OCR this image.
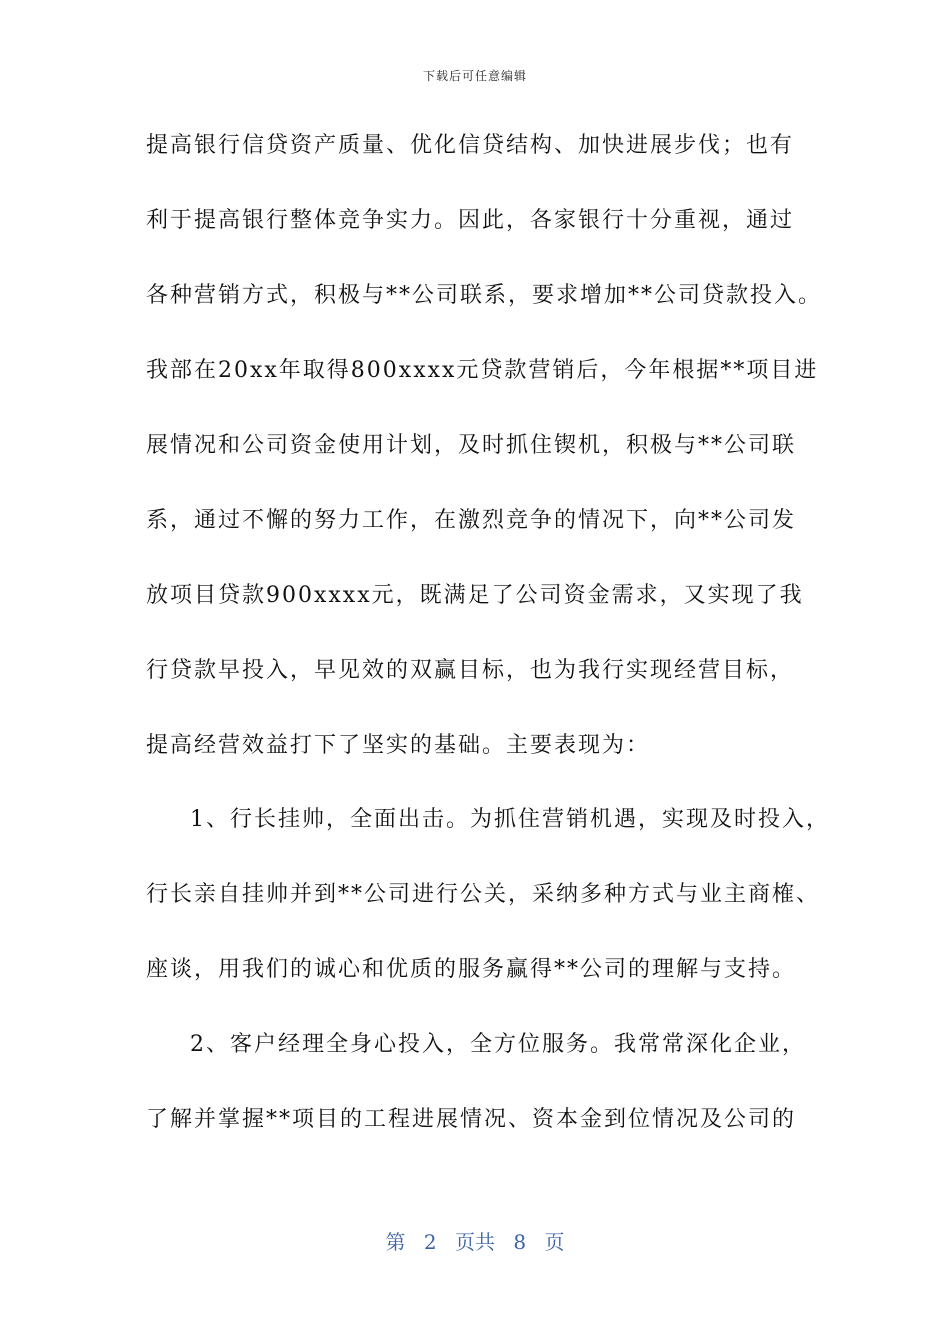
下载后可任意编辑
提高银行信贷资产质量、优化信贷结构、加快进展步伐；也有
利于提高银行整体竞争实力。因此，各家银行十分重视，通过
各种营销方式，积极与**公司联系，要求增加**公司贷款投入。
我部在20xx年取得800xxxx元贷款营销后，今年根据**项目进
展情况和公司资金使用计划，及时抓住锲机，积极与**公司联
系，通过不懈的努力工作，在激烈竞争的情况下，向**公司发
放项目贷款900xxxx元，既满足了公司资金需求，又实现了我
行贷款早投入，早见效的双赢目标，也为我行实现经营目标，
提高经营效益打下了坚实的基础。主要表现为：
1、行长挂帅，全面出击。为抓住营销机遇，实现及时投入，
行长亲自挂帅并到**公司进行公关，采纳多种方式与业主商榷、
座谈，用我们的诚心和优质的服务赢得**公司的理解与支持。
2、客户经理全身心投入，全方位服务。我常常深化企业，
了解并掌握**项目的工程进展情况、资本金到位情况及公司的
第 2 页共 8 页
